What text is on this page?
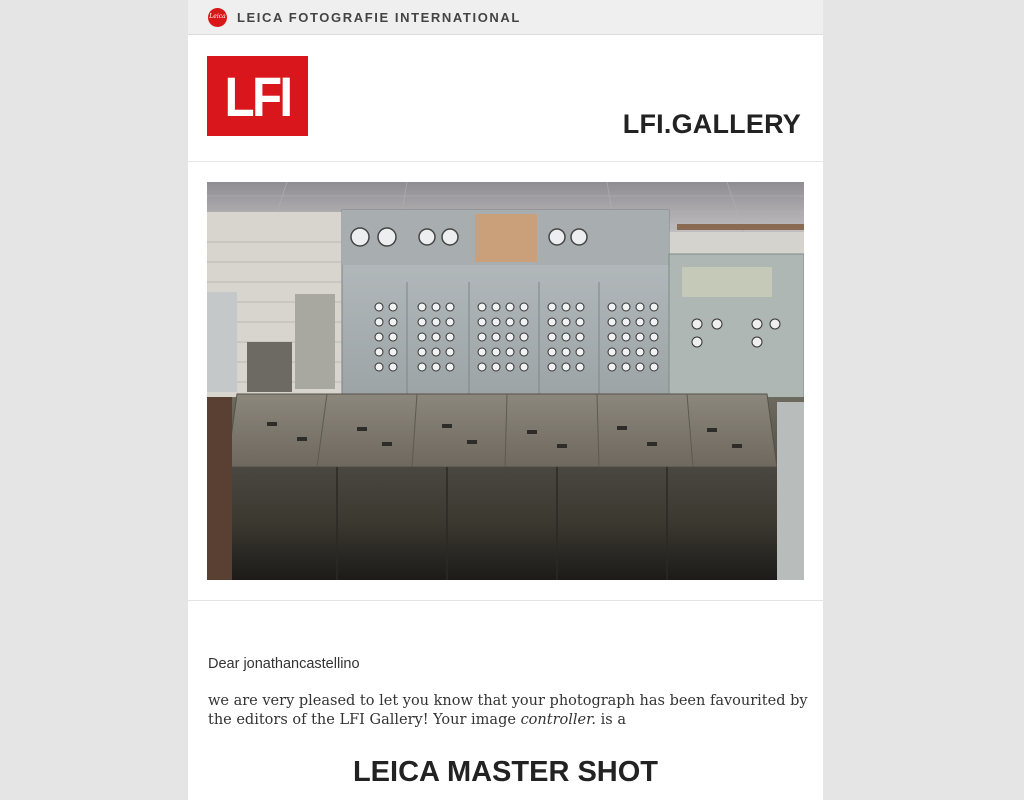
Leica LEICA FOTOGRAFIE INTERNATIONAL
LFI	LFI.GALLERY
Dear jonathancastellino
we are very pleased to let you know that your photograph has been favourited by the editors of the LFI Gallery! Your image controller. is a
LEICA MASTER SHOT
